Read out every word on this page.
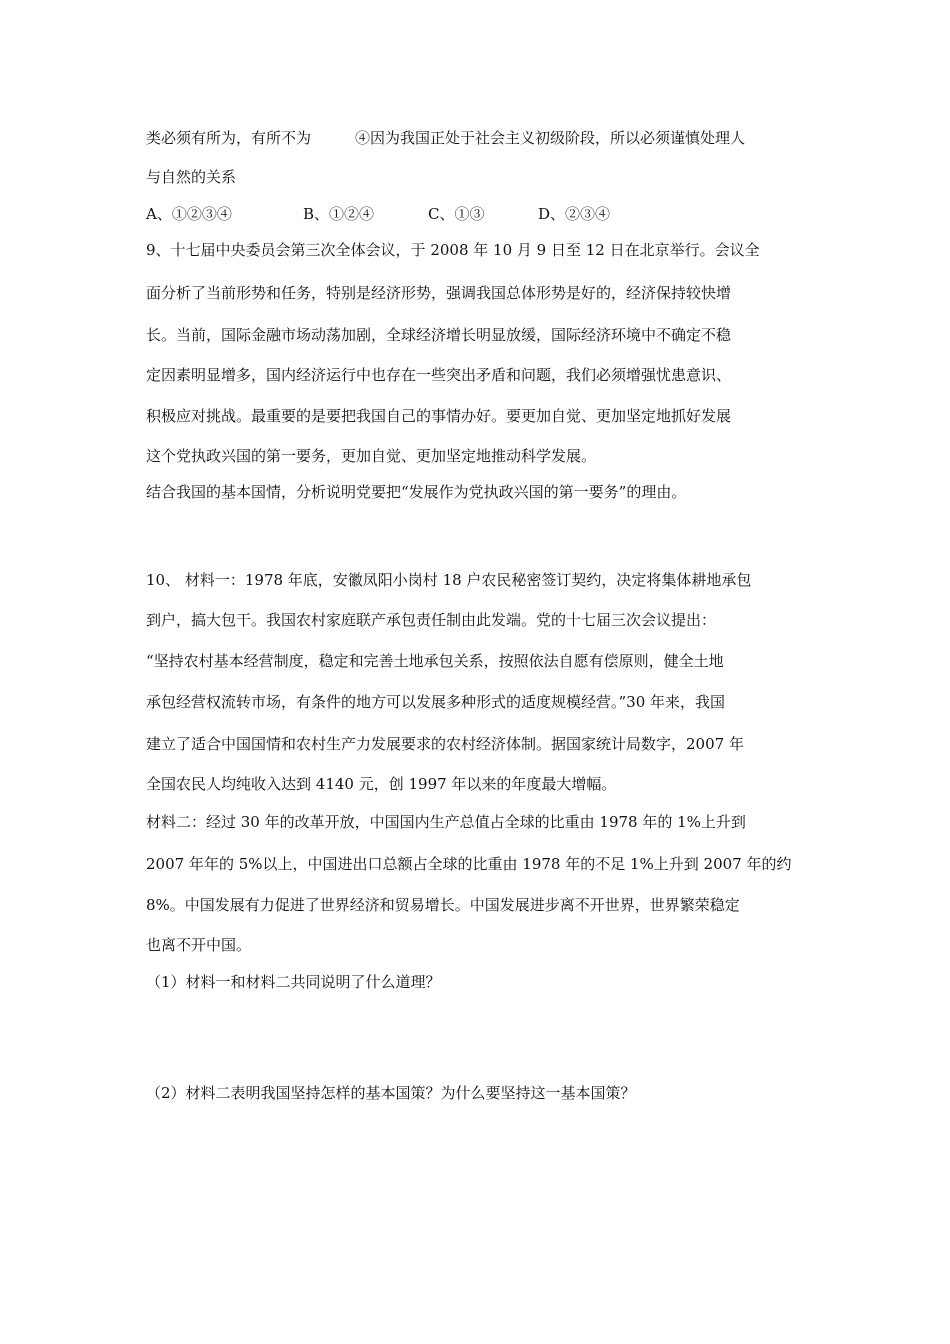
类必须有所为，有所不为	④因为我国正处于社会主义初级阶段，所以必须谨慎处理人
与自然的关系
A、①②③④	B、①②④	C、①③	D、②③④
9、十七届中央委员会第三次全体会议，于 2008 年 10 月 9 日至 12 日在北京举行。会议全
面分析了当前形势和任务，特别是经济形势，强调我国总体形势是好的，经济保持较快增
长。当前，国际金融市场动荡加剧，全球经济增长明显放缓，国际经济环境中不确定不稳
定因素明显增多，国内经济运行中也存在一些突出矛盾和问题，我们必须增强忧患意识、
积极应对挑战。最重要的是要把我国自己的事情办好。要更加自觉、更加坚定地抓好发展
这个党执政兴国的第一要务，更加自觉、更加坚定地推动科学发展。
结合我国的基本国情，分析说明党要把“发展作为党执政兴国的第一要务”的理由。
10、 材料一：1978 年底，安徽凤阳小岗村 18 户农民秘密签订契约，决定将集体耕地承包
到户，搞大包干。我国农村家庭联产承包责任制由此发端。党的十七届三次会议提出：
“坚持农村基本经营制度，稳定和完善土地承包关系，按照依法自愿有偿原则，健全土地
承包经营权流转市场，有条件的地方可以发展多种形式的适度规模经营。”30 年来，我国
建立了适合中国国情和农村生产力发展要求的农村经济体制。据国家统计局数字，2007 年
全国农民人均纯收入达到 4140 元，创 1997 年以来的年度最大增幅。
材料二：经过 30 年的改革开放，中国国内生产总值占全球的比重由 1978 年的 1%上升到
2007 年年的 5%以上，中国进出口总额占全球的比重由 1978 年的不足 1%上升到 2007 年的约
8%。中国发展有力促进了世界经济和贸易增长。中国发展进步离不开世界，世界繁荣稳定
也离不开中国。
（1）材料一和材料二共同说明了什么道理？
（2）材料二表明我国坚持怎样的基本国策？为什么要坚持这一基本国策？
